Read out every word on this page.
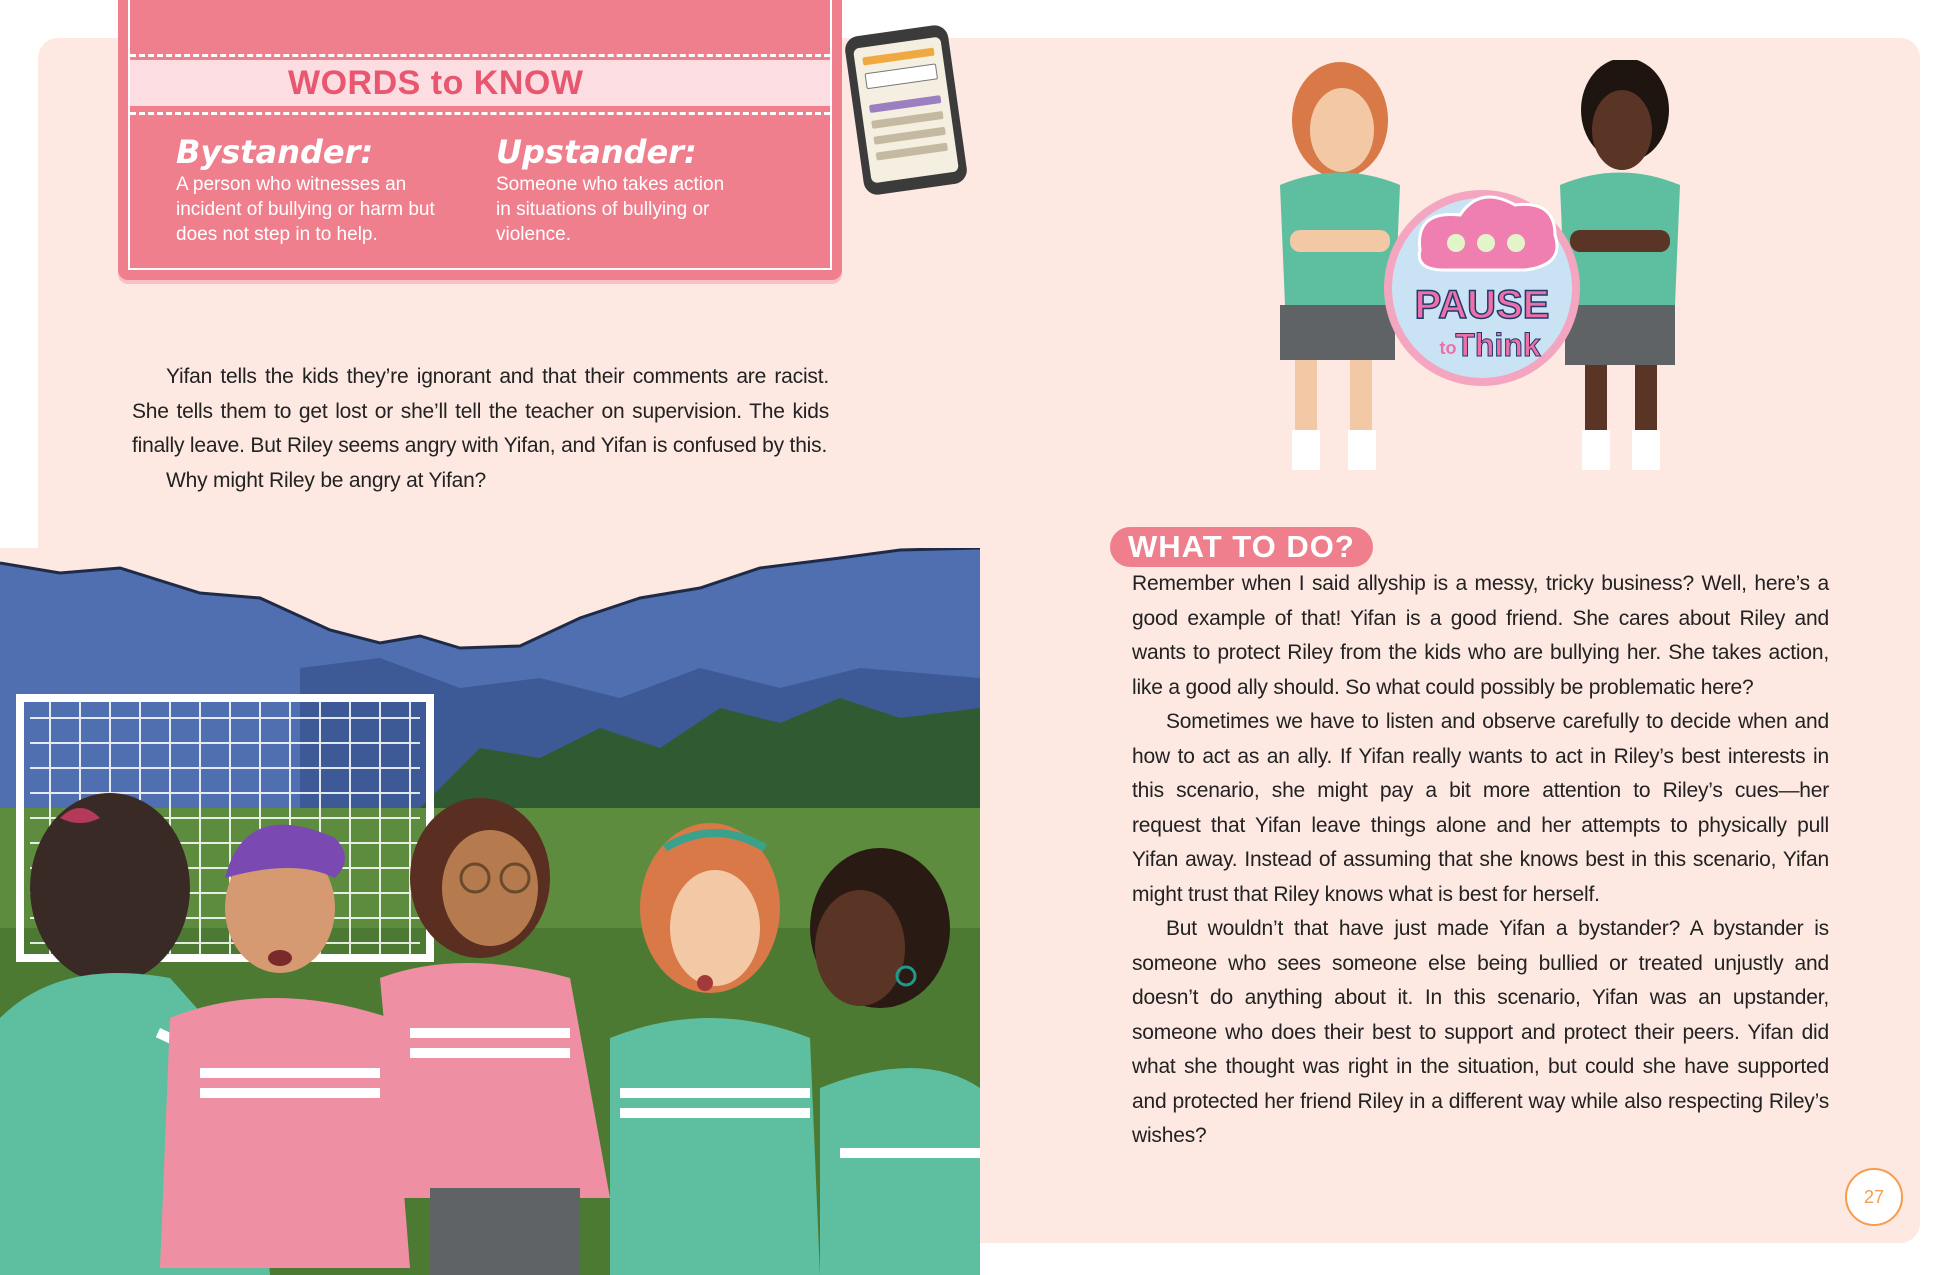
WORDS to KNOW
Bystander:
A person who witnesses an incident of bullying or harm but does not step in to help.
Upstander:
Someone who takes action in situations of bullying or violence.

Yifan tells the kids they’re ignorant and that their comments are racist. She tells them to get lost or she’ll tell the teacher on supervision. The kids finally leave. But Riley seems angry with Yifan, and Yifan is confused by this.

Why might Riley be angry at Yifan?

PAUSE
to
Think
WHAT TO DO?

Remember when I said allyship is a messy, tricky business? Well, here’s a good example of that! Yifan is a good friend. She cares about Riley and wants to protect Riley from the kids who are bullying her. She takes action, like a good ally should. So what could possibly be problematic here?

Sometimes we have to listen and observe carefully to decide when and how to act as an ally. If Yifan really wants to act in Riley’s best interests in this scenario, she might pay a bit more attention to Riley’s cues—her request that Yifan leave things alone and her attempts to physically pull Yifan away. Instead of assuming that she knows best in this scenario, Yifan might trust that Riley knows what is best for herself.

But wouldn’t that have just made Yifan a bystander? A bystander is someone who sees someone else being bullied or treated unjustly and doesn’t do anything about it. In this scenario, Yifan was an upstander, someone who does their best to support and protect their peers. Yifan did what she thought was right in the situation, but could she have supported and protected her friend Riley in a different way while also respecting Riley’s wishes?

27
